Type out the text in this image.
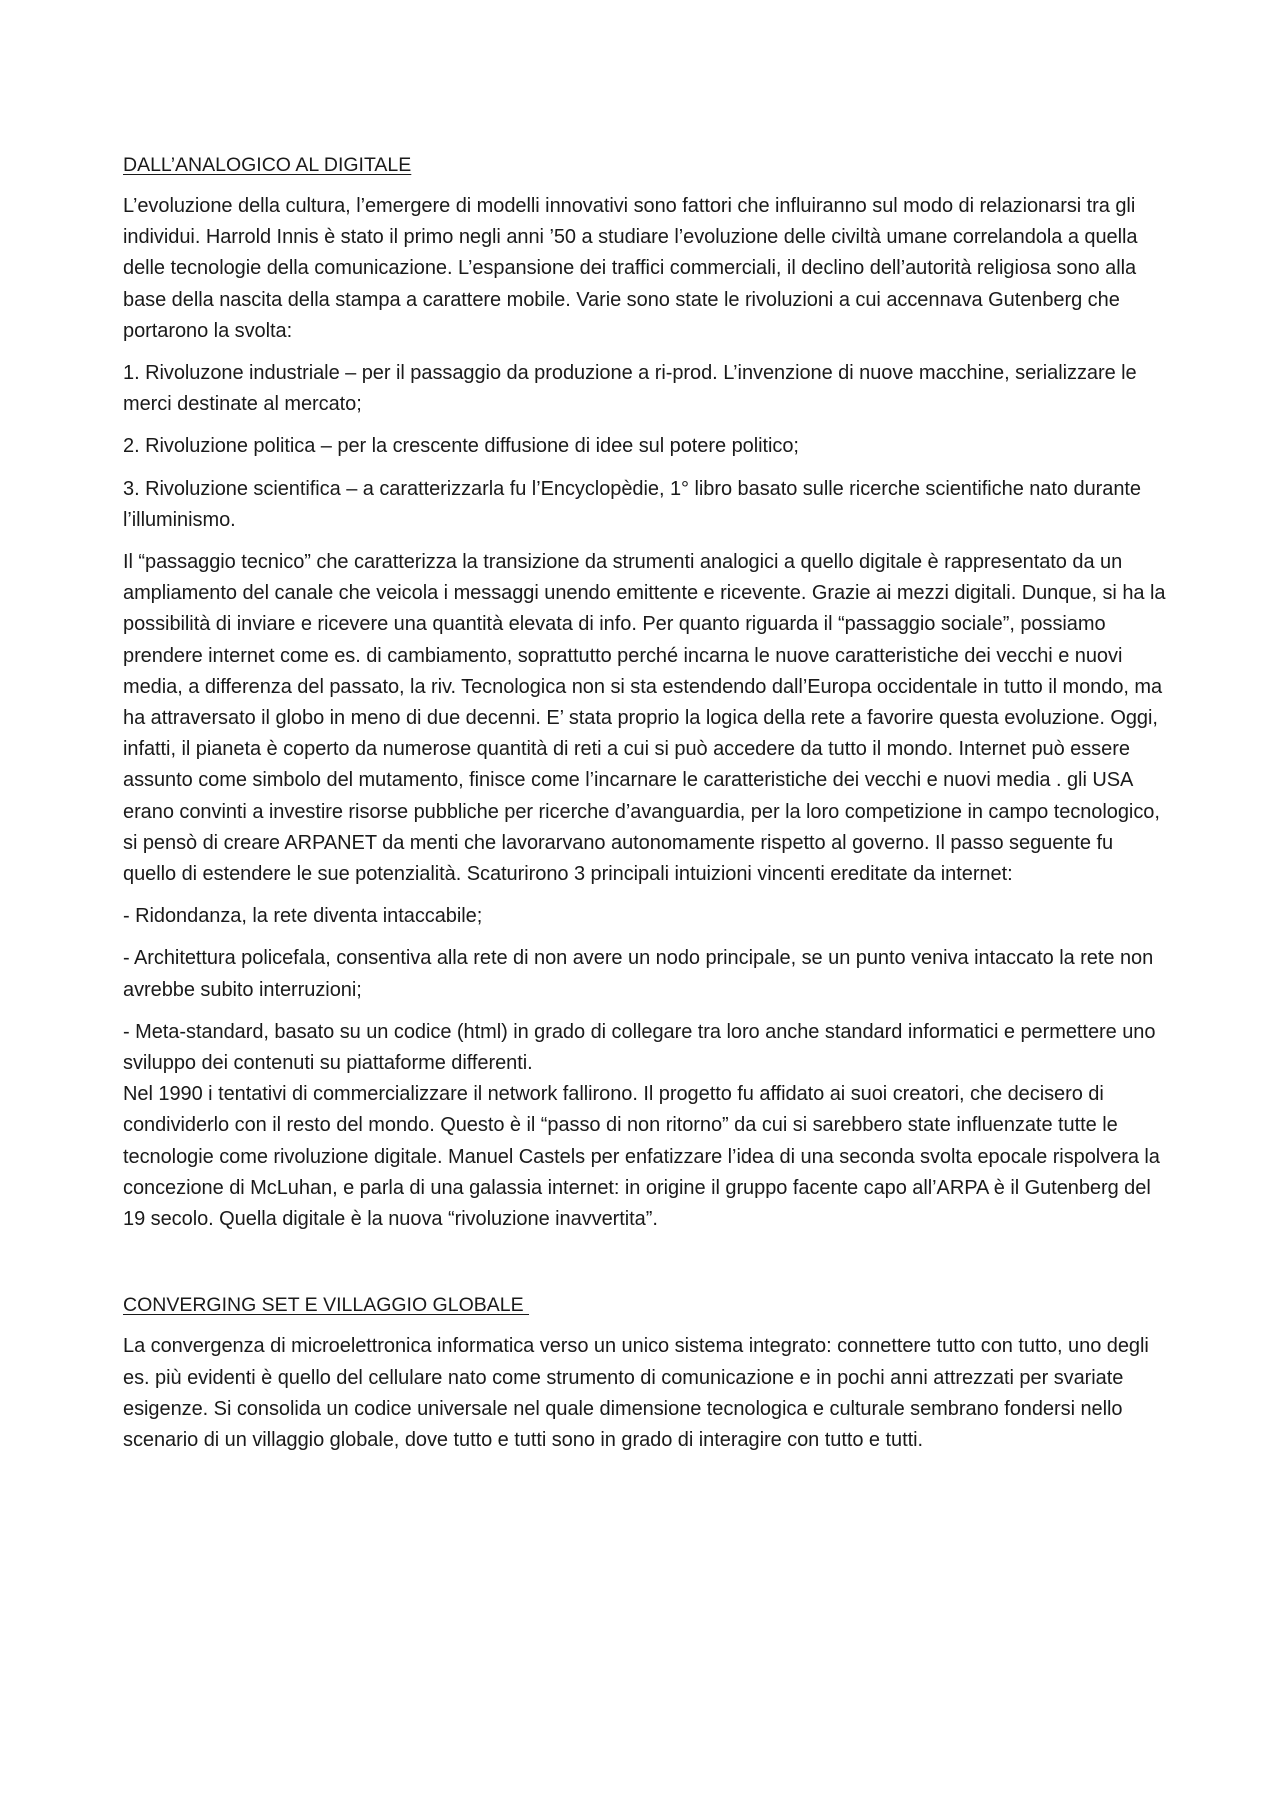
DALL’ANALOGICO AL DIGITALE

L’evoluzione della cultura, l’emergere di modelli innovativi sono fattori che influiranno sul modo di relazionarsi tra gli individui. Harrold Innis è stato il primo negli anni ’50 a studiare l’evoluzione delle civiltà umane correlandola a quella delle tecnologie della comunicazione. L’espansione dei traffici commerciali, il declino dell’autorità religiosa sono alla base della nascita della stampa a carattere mobile. Varie sono state le rivoluzioni a cui accennava Gutenberg che portarono la svolta:

1. Rivoluzone industriale – per il passaggio da produzione a ri-prod. L’invenzione di nuove macchine, serializzare le merci destinate al mercato;

2. Rivoluzione politica – per la crescente diffusione di idee sul potere politico;

3. Rivoluzione scientifica – a caratterizzarla fu l’Encyclopèdie, 1° libro basato sulle ricerche scientifiche nato durante l’illuminismo.

Il “passaggio tecnico” che caratterizza la transizione da strumenti analogici a quello digitale è rappresentato da un ampliamento del canale che veicola i messaggi unendo emittente e ricevente. Grazie ai mezzi digitali. Dunque, si ha la possibilità di inviare e ricevere una quantità elevata di info. Per quanto riguarda il “passaggio sociale”, possiamo prendere internet come es. di cambiamento, soprattutto perché incarna le nuove caratteristiche dei vecchi e nuovi media, a differenza del passato, la riv. Tecnologica non si sta estendendo dall’Europa occidentale in tutto il mondo, ma ha attraversato il globo in meno di due decenni. E’ stata proprio la logica della rete a favorire questa evoluzione. Oggi, infatti, il pianeta è coperto da numerose quantità di reti a cui si può accedere da tutto il mondo. Internet può essere assunto come simbolo del mutamento, finisce come l’incarnare le caratteristiche dei vecchi e nuovi media . gli USA erano convinti a investire risorse pubbliche per ricerche d’avanguardia, per la loro competizione in campo tecnologico, si pensò di creare ARPANET da menti che lavorarvano autonomamente rispetto al governo. Il passo seguente fu quello di estendere le sue potenzialità. Scaturirono 3 principali intuizioni vincenti ereditate da internet:

- Ridondanza, la rete diventa intaccabile;

- Architettura policefala, consentiva alla rete di non avere un nodo principale, se un punto veniva intaccato la rete non avrebbe subito interruzioni;

- Meta-standard, basato su un codice (html) in grado di collegare tra loro anche standard informatici e permettere uno sviluppo dei contenuti su piattaforme differenti.

Nel 1990 i tentativi di commercializzare il network fallirono. Il progetto fu affidato ai suoi creatori, che decisero di condividerlo con il resto del mondo. Questo è il “passo di non ritorno” da cui si sarebbero state influenzate tutte le tecnologie come rivoluzione digitale. Manuel Castels per enfatizzare l’idea di una seconda svolta epocale rispolvera la concezione di McLuhan, e parla di una galassia internet: in origine il gruppo facente capo all’ARPA è il Gutenberg del 19 secolo. Quella digitale è la nuova “rivoluzione inavvertita”.

CONVERGING SET E VILLAGGIO GLOBALE

La convergenza di microelettronica informatica verso un unico sistema integrato: connettere tutto con tutto, uno degli es. più evidenti è quello del cellulare nato come strumento di comunicazione e in pochi anni attrezzati per svariate esigenze. Si consolida un codice universale nel quale dimensione tecnologica e culturale sembrano fondersi nello scenario di un villaggio globale, dove tutto e tutti sono in grado di interagire con tutto e tutti.
